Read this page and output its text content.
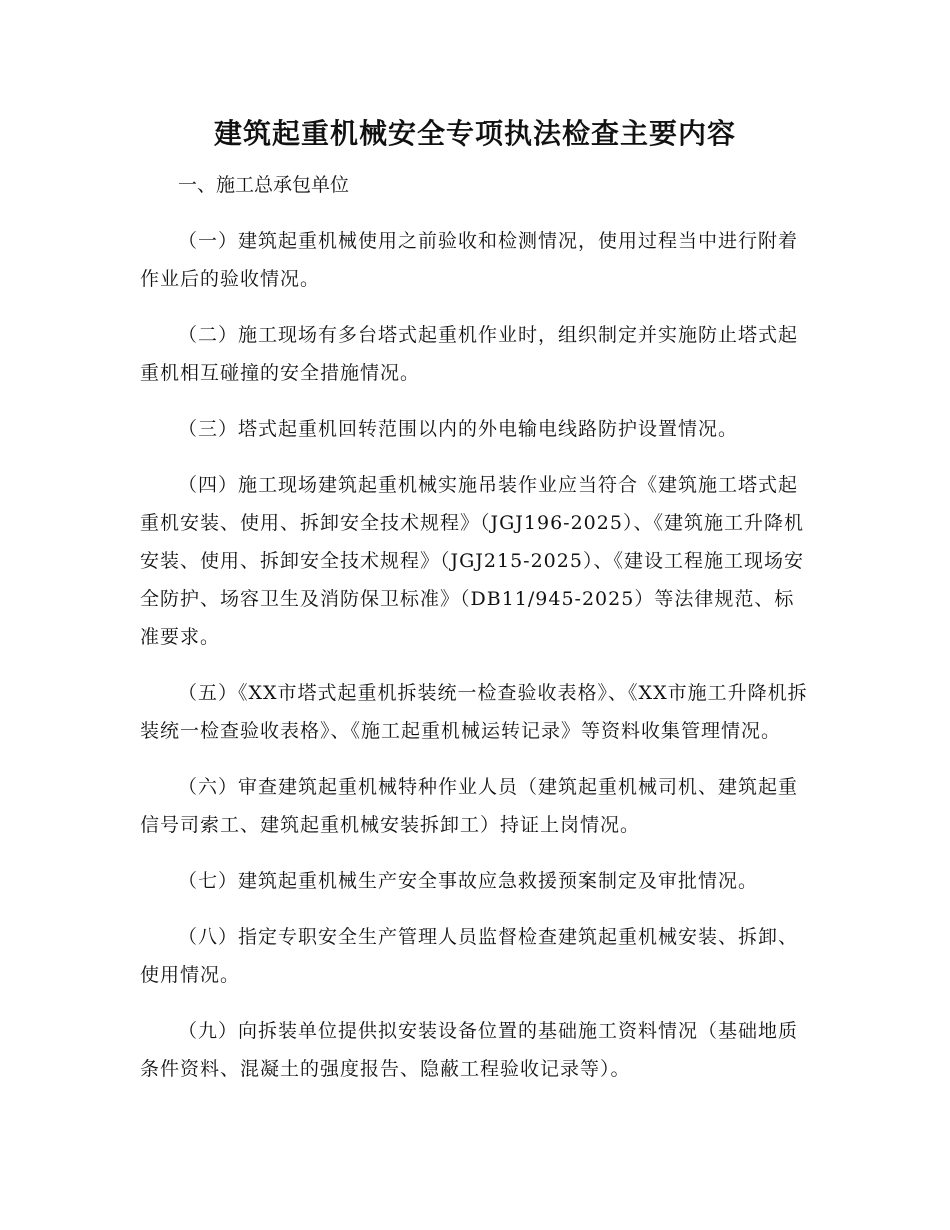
建筑起重机械安全专项执法检查主要内容

一、施工总承包单位

（一）建筑起重机械使用之前验收和检测情况，使用过程当中进行附着作业后的验收情况。

（二）施工现场有多台塔式起重机作业时，组织制定并实施防止塔式起重机相互碰撞的安全措施情况。

（三）塔式起重机回转范围以内的外电输电线路防护设置情况。

（四）施工现场建筑起重机械实施吊装作业应当符合《建筑施工塔式起重机安装、使用、拆卸安全技术规程》（JGJ196-2025）、《建筑施工升降机安装、使用、拆卸安全技术规程》（JGJ215-2025）、《建设工程施工现场安全防护、场容卫生及消防保卫标准》（DB11/945-2025）等法律规范、标准要求。

（五）《XX市塔式起重机拆装统一检查验收表格》、《XX市施工升降机拆装统一检查验收表格》、《施工起重机械运转记录》等资料收集管理情况。

（六）审查建筑起重机械特种作业人员（建筑起重机械司机、建筑起重信号司索工、建筑起重机械安装拆卸工）持证上岗情况。

（七）建筑起重机械生产安全事故应急救援预案制定及审批情况。

（八）指定专职安全生产管理人员监督检查建筑起重机械安装、拆卸、使用情况。

（九）向拆装单位提供拟安装设备位置的基础施工资料情况（基础地质条件资料、混凝土的强度报告、隐蔽工程验收记录等）。
